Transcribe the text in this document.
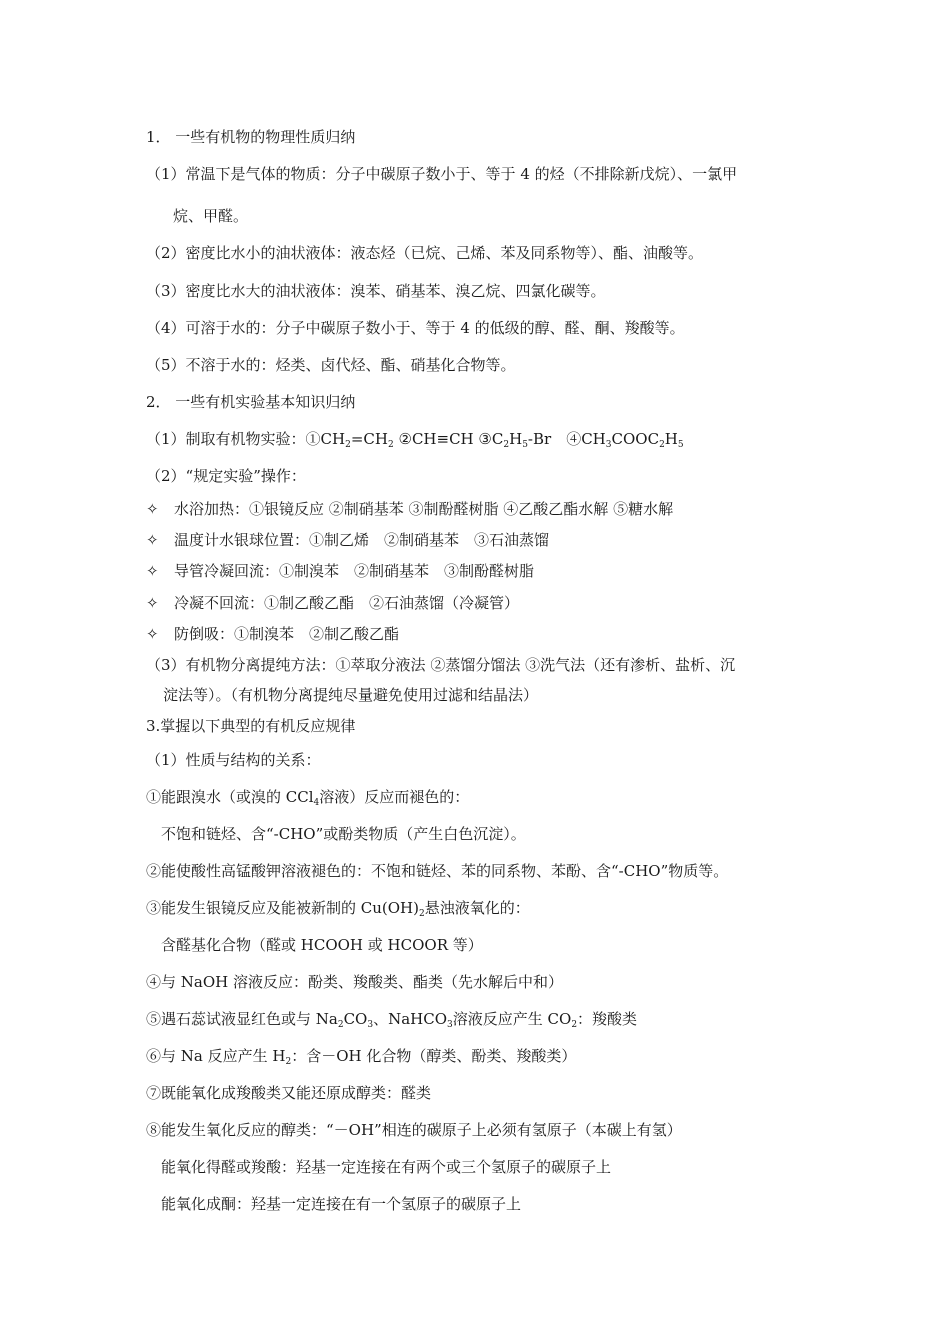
1． 一些有机物的物理性质归纳
（1）常温下是气体的物质：分子中碳原子数小于、等于 4 的烃（不排除新戊烷）、一氯甲
烷、甲醛。
（2）密度比水小的油状液体：液态烃（已烷、己烯、苯及同系物等）、酯、油酸等。
（3）密度比水大的油状液体：溴苯、硝基苯、溴乙烷、四氯化碳等。
（4）可溶于水的：分子中碳原子数小于、等于 4 的低级的醇、醛、酮、羧酸等。
（5）不溶于水的：烃类、卤代烃、酯、硝基化合物等。
2． 一些有机实验基本知识归纳
（1）制取有机物实验：$①CH_2=CH_2$ ②CH≡CH $③C_2H_5-Br$　 $④CH_3COOC_2H_5$
（2）“规定实验”操作：
✧ 水浴加热：①银镜反应 ②制硝基苯 ③制酚醛树脂 ④乙酸乙酯水解 ⑤糖水解
✧ 温度计水银球位置：①制乙烯　②制硝基苯　③石油蒸馏
✧ 导管冷凝回流：①制溴苯　②制硝基苯　③制酚醛树脂
✧ 冷凝不回流：①制乙酸乙酯　②石油蒸馏（冷凝管）
✧ 防倒吸：①制溴苯　②制乙酸乙酯
（3）有机物分离提纯方法：①萃取分液法 ②蒸馏分馏法 ③洗气法（还有渗析、盐析、沉
淀法等）。（有机物分离提纯尽量避免使用过滤和结晶法）
3.掌握以下典型的有机反应规律
（1）性质与结构的关系：
①能跟溴水（或溴的 CCl$_4$溶液）反应而褪色的：
不饱和链烃、含“-CHO”或酚类物质（产生白色沉淀）。
②能使酸性高锰酸钾溶液褪色的：不饱和链烃、苯的同系物、苯酚、含“-CHO”物质等。
③能发生银镜反应及能被新制的 $Cu(OH)_2$悬浊液氧化的：
含醛基化合物（醛或 HCOOH 或 HCOOR 等）
④与 NaOH 溶液反应：酚类、羧酸类、酯类（先水解后中和）
⑤遇石蕊试液显红色或与 $Na_2CO_3$、NaHCO$_3$溶液反应产生 $CO_2$：羧酸类
⑥与 Na 反应产生 $H_2$：含－OH 化合物（醇类、酚类、羧酸类）
⑦既能氧化成羧酸类又能还原成醇类：醛类
⑧能发生氧化反应的醇类：“－OH”相连的碳原子上必须有氢原子（本碳上有氢）
能氧化得醛或羧酸：羟基一定连接在有两个或三个氢原子的碳原子上
能氧化成酮：羟基一定连接在有一个氢原子的碳原子上
